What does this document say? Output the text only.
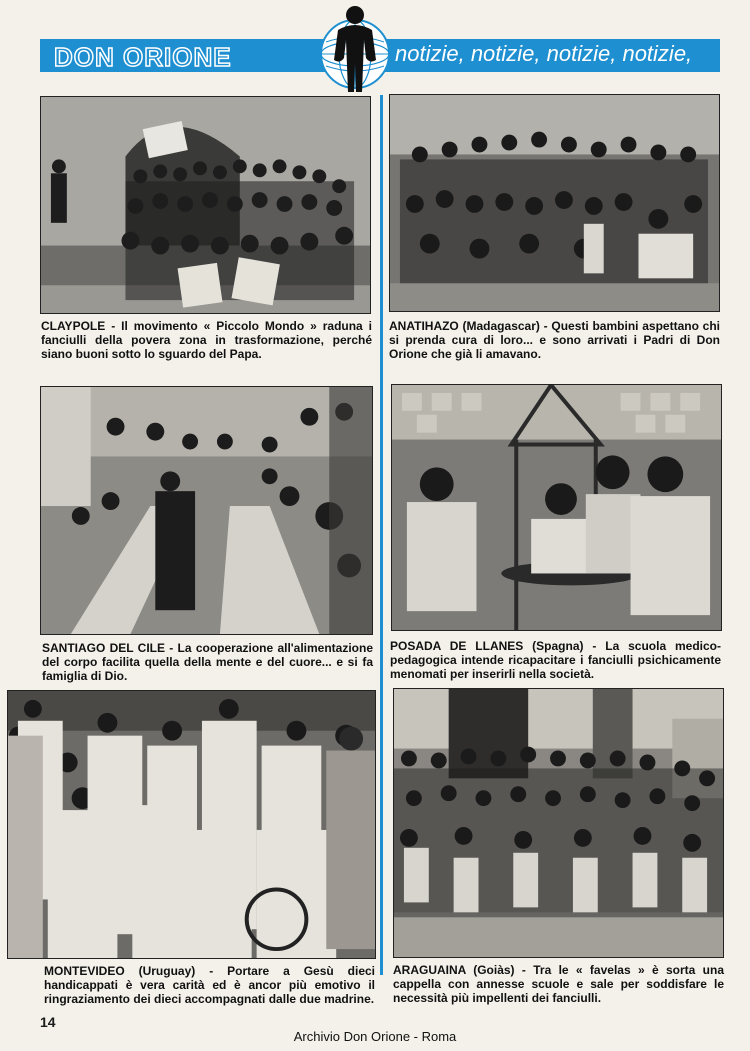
DON ORIONE	notizie, notizie, notizie, notizie,
CLAYPOLE - Il movimento « Piccolo Mondo » raduna i fanciulli della povera zona in trasformazione, perché siano buoni sotto lo sguardo del Papa.
ANATIHAZO (Madagascar) - Questi bambini aspettano chi si prenda cura di loro... e sono arrivati i Padri di Don Orione che già li amavano.
SANTIAGO DEL CILE - La cooperazione all'alimentazione del corpo facilita quella della mente e del cuore... e si fa famiglia di Dio.
POSADA DE LLANES (Spagna) - La scuola medico-pedagogica intende ricapacitare i fanciulli psichicamente menomati per inserirli nella società.
MONTEVIDEO (Uruguay) - Portare a Gesù dieci handicappati è vera carità ed è ancor più emotivo il ringraziamento dei dieci accompagnati dalle due madrine.
ARAGUAINA (Goiàs) - Tra le « favelas » è sorta una cappella con annesse scuole e sale per soddisfare le necessità più impellenti dei fanciulli.
14
Archivio Don Orione - Roma
